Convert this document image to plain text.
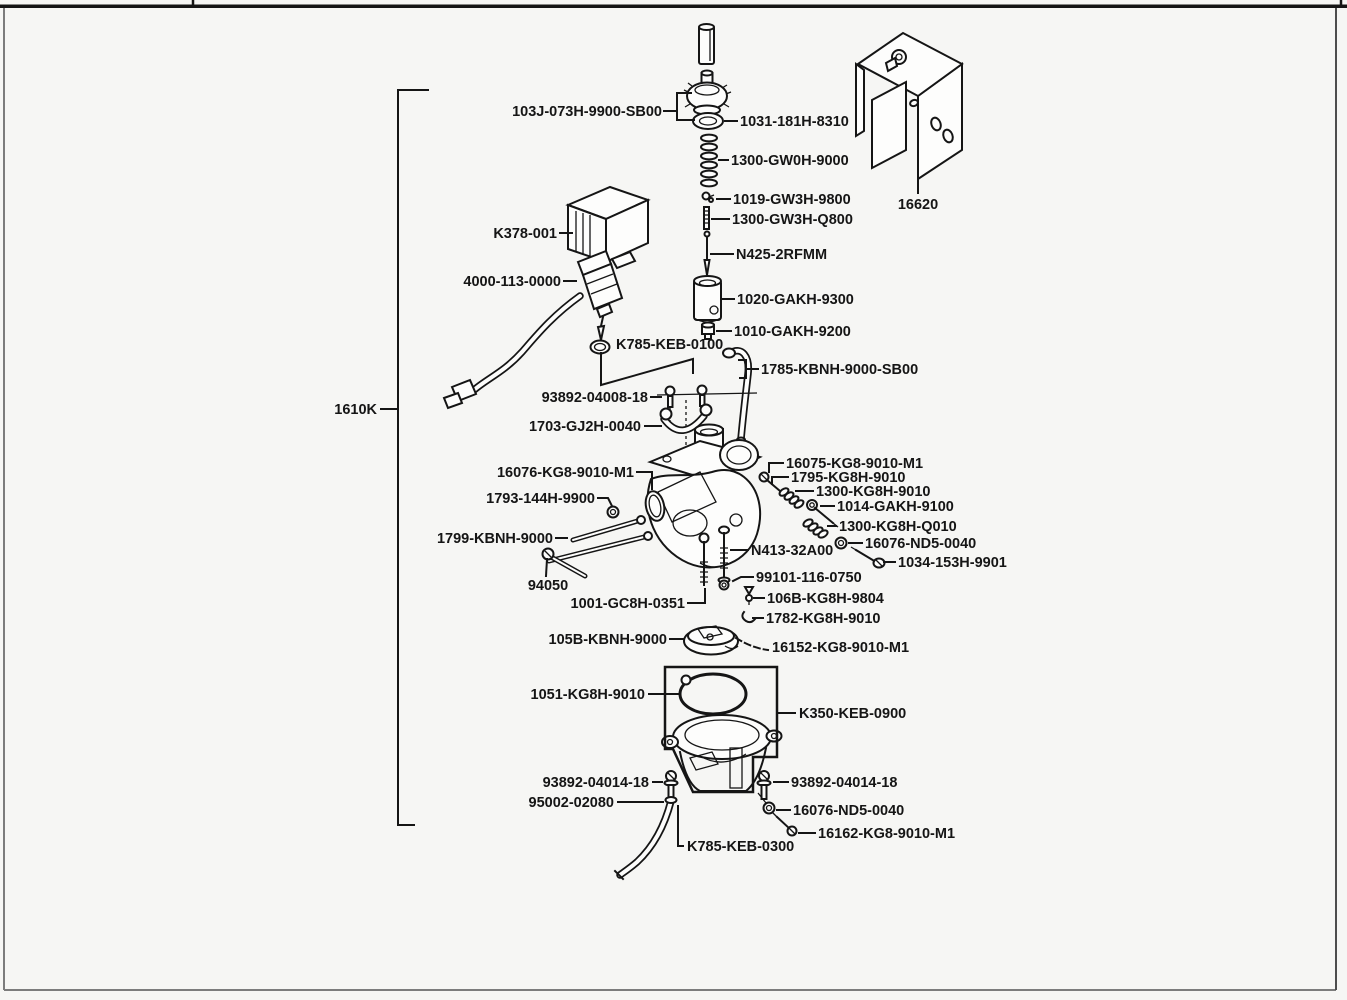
103J-073H-9900-SB00
1031-181H-8310
1300-GW0H-9000
1019-GW3H-9800
1300-GW3H-Q800
N425-2RFMM
1020-GAKH-9300
1010-GAKH-9200
K785-KEB-0100
1785-KBNH-9000-SB00
93892-04008-18
1703-GJ2H-0040
16076-KG8-9010-M1
1793-144H-9900
1799-KBNH-9000
94050
1001-GC8H-0351
N413-32A00
99101-116-0750
106B-KG8H-9804
1782-KG8H-9010
105B-KBNH-9000	16152-KG8-9010-M1
1051-KG8H-9010
K350-KEB-0900
93892-04014-18	93892-04014-18
95002-02080	16076-ND5-0040
16162-KG8-9010-M1
K785-KEB-0300
1610K
K378-001
4000-113-0000
16620
16075-KG8-9010-M1
1795-KG8H-9010
1300-KG8H-9010
1014-GAKH-9100
1300-KG8H-Q010
16076-ND5-0040
1034-153H-9901
